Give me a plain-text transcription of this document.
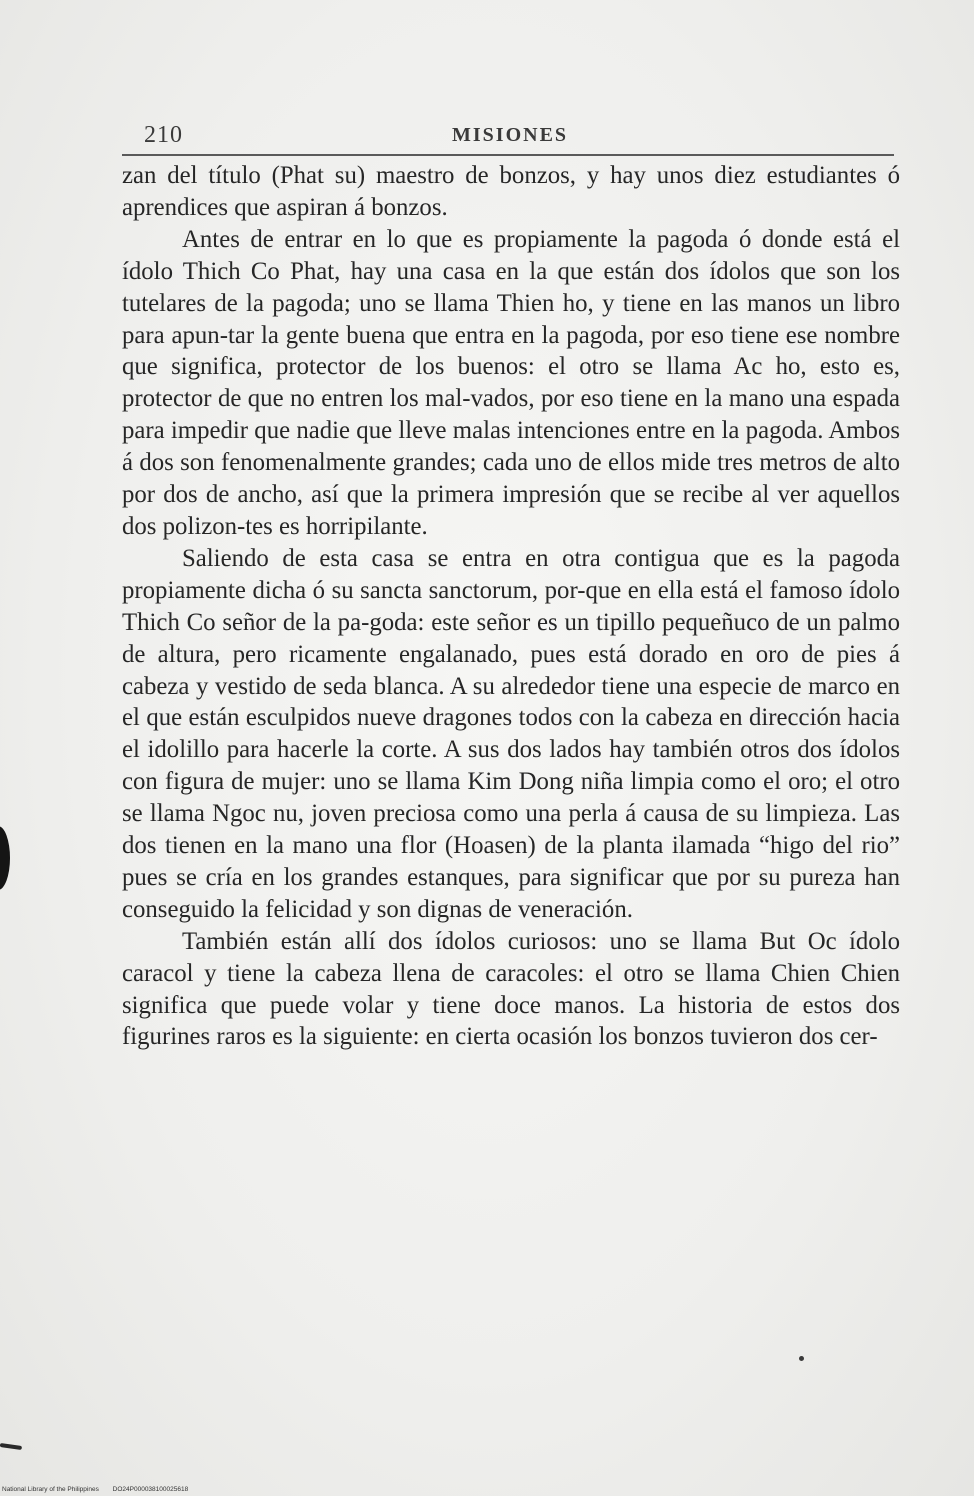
210	MISIONES

zan del título (Phat su) maestro de bonzos, y hay unos diez estudiantes ó aprendices que aspiran á bonzos.

Antes de entrar en lo que es propiamente la pagoda ó donde está el ídolo Thich Co Phat, hay una casa en la que están dos ídolos que son los tutelares de la pagoda; uno se llama Thien ho, y tiene en las manos un libro para apun-tar la gente buena que entra en la pagoda, por eso tiene ese nombre que significa, protector de los buenos: el otro se llama Ac ho, esto es, protector de que no entren los mal-vados, por eso tiene en la mano una espada para impedir que nadie que lleve malas intenciones entre en la pagoda. Ambos á dos son fenomenalmente grandes; cada uno de ellos mide tres metros de alto por dos de ancho, así que la primera impresión que se recibe al ver aquellos dos polizon-tes es horripilante.

Saliendo de esta casa se entra en otra contigua que es la pagoda propiamente dicha ó su sancta sanctorum, por-que en ella está el famoso ídolo Thich Co señor de la pa-goda: este señor es un tipillo pequeñuco de un palmo de altura, pero ricamente engalanado, pues está dorado en oro de pies á cabeza y vestido de seda blanca. A su alrededor tiene una especie de marco en el que están esculpidos nueve dragones todos con la cabeza en dirección hacia el idolillo para hacerle la corte. A sus dos lados hay también otros dos ídolos con figura de mujer: uno se llama Kim Dong niña limpia como el oro; el otro se llama Ngoc nu, joven preciosa como una perla á causa de su limpieza. Las dos tienen en la mano una flor (Hoasen) de la planta ilamada “higo del rio” pues se cría en los grandes estanques, para significar que por su pureza han conseguido la felicidad y son dignas de veneración.

También están allí dos ídolos curiosos: uno se llama But Oc ídolo caracol y tiene la cabeza llena de caracoles: el otro se llama Chien Chien significa que puede volar y tiene doce manos. La historia de estos dos figurines raros es la siguiente: en cierta ocasión los bonzos tuvieron dos cer-

National Library of the Philippines DO24P000038100025618
